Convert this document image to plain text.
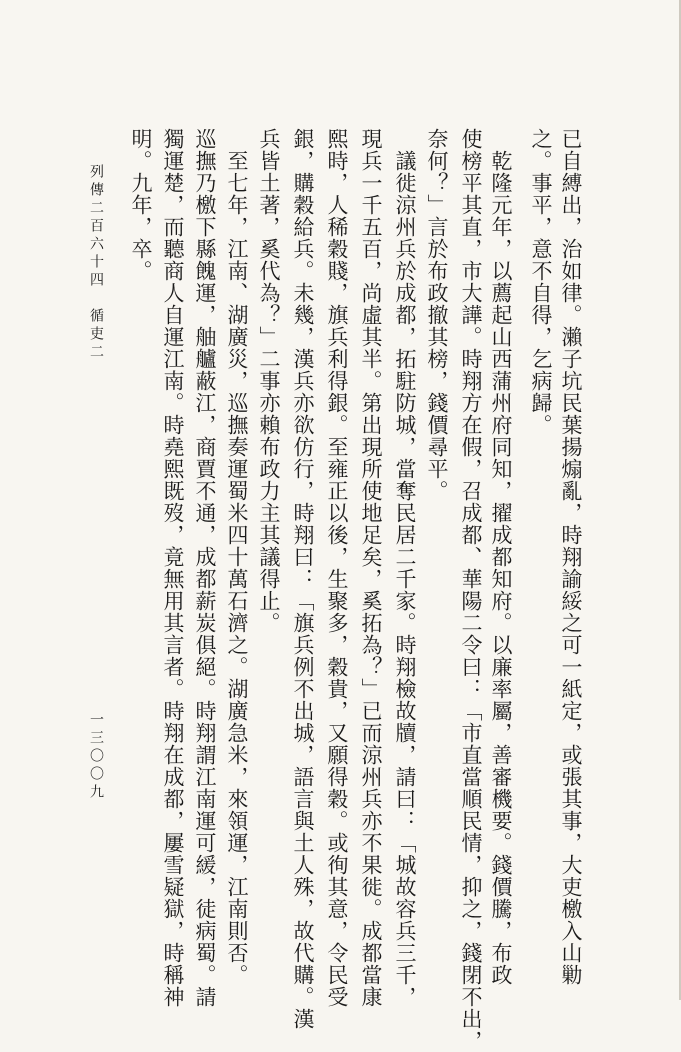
已自縛出，治如律。瀨子坑民葉揚煽亂，時翔諭綏之可一紙定，或張其事，大吏檄入山勦
之。事平，意不自得，乞病歸。
　乾隆元年，以薦起山西蒲州府同知，擢成都知府。以廉率屬，善審機要。錢價騰，布政
使榜平其直，市大譁。時翔方在假，召成都、華陽二令曰：「市直當順民情，抑之，錢閉不出，
奈何？」言於布政撤其榜，錢價尋平。
　議徙涼州兵於成都，拓駐防城，當奪民居二千家。時翔檢故牘，請曰：「城故容兵三千，
現兵一千五百，尚虛其半。第出現所使地足矣，奚拓為？」已而涼州兵亦不果徙。成都當康
熙時，人稀穀賤，旗兵利得銀。至雍正以後，生聚多，穀貴，又願得穀。或徇其意，令民受
銀，購穀給兵。未幾，漢兵亦欲仿行，時翔曰：「旗兵例不出城，語言與土人殊，故代購。漢
兵皆土著，奚代為？」二事亦賴布政力主其議得止。
　至七年，江南、湖廣災，巡撫奏運蜀米四十萬石濟之。湖廣急米，來領運，江南則否。
巡撫乃檄下縣餽運，舳艫蔽江，商賈不通，成都薪炭俱絕。時翔謂江南運可緩，徒病蜀。請
獨運楚，而聽商人自運江南。時堯熙既歿，竟無用其言者。時翔在成都，屢雪疑獄，時稱神
明。九年，卒。
列傳二百六十四　循吏二
一三〇〇九
